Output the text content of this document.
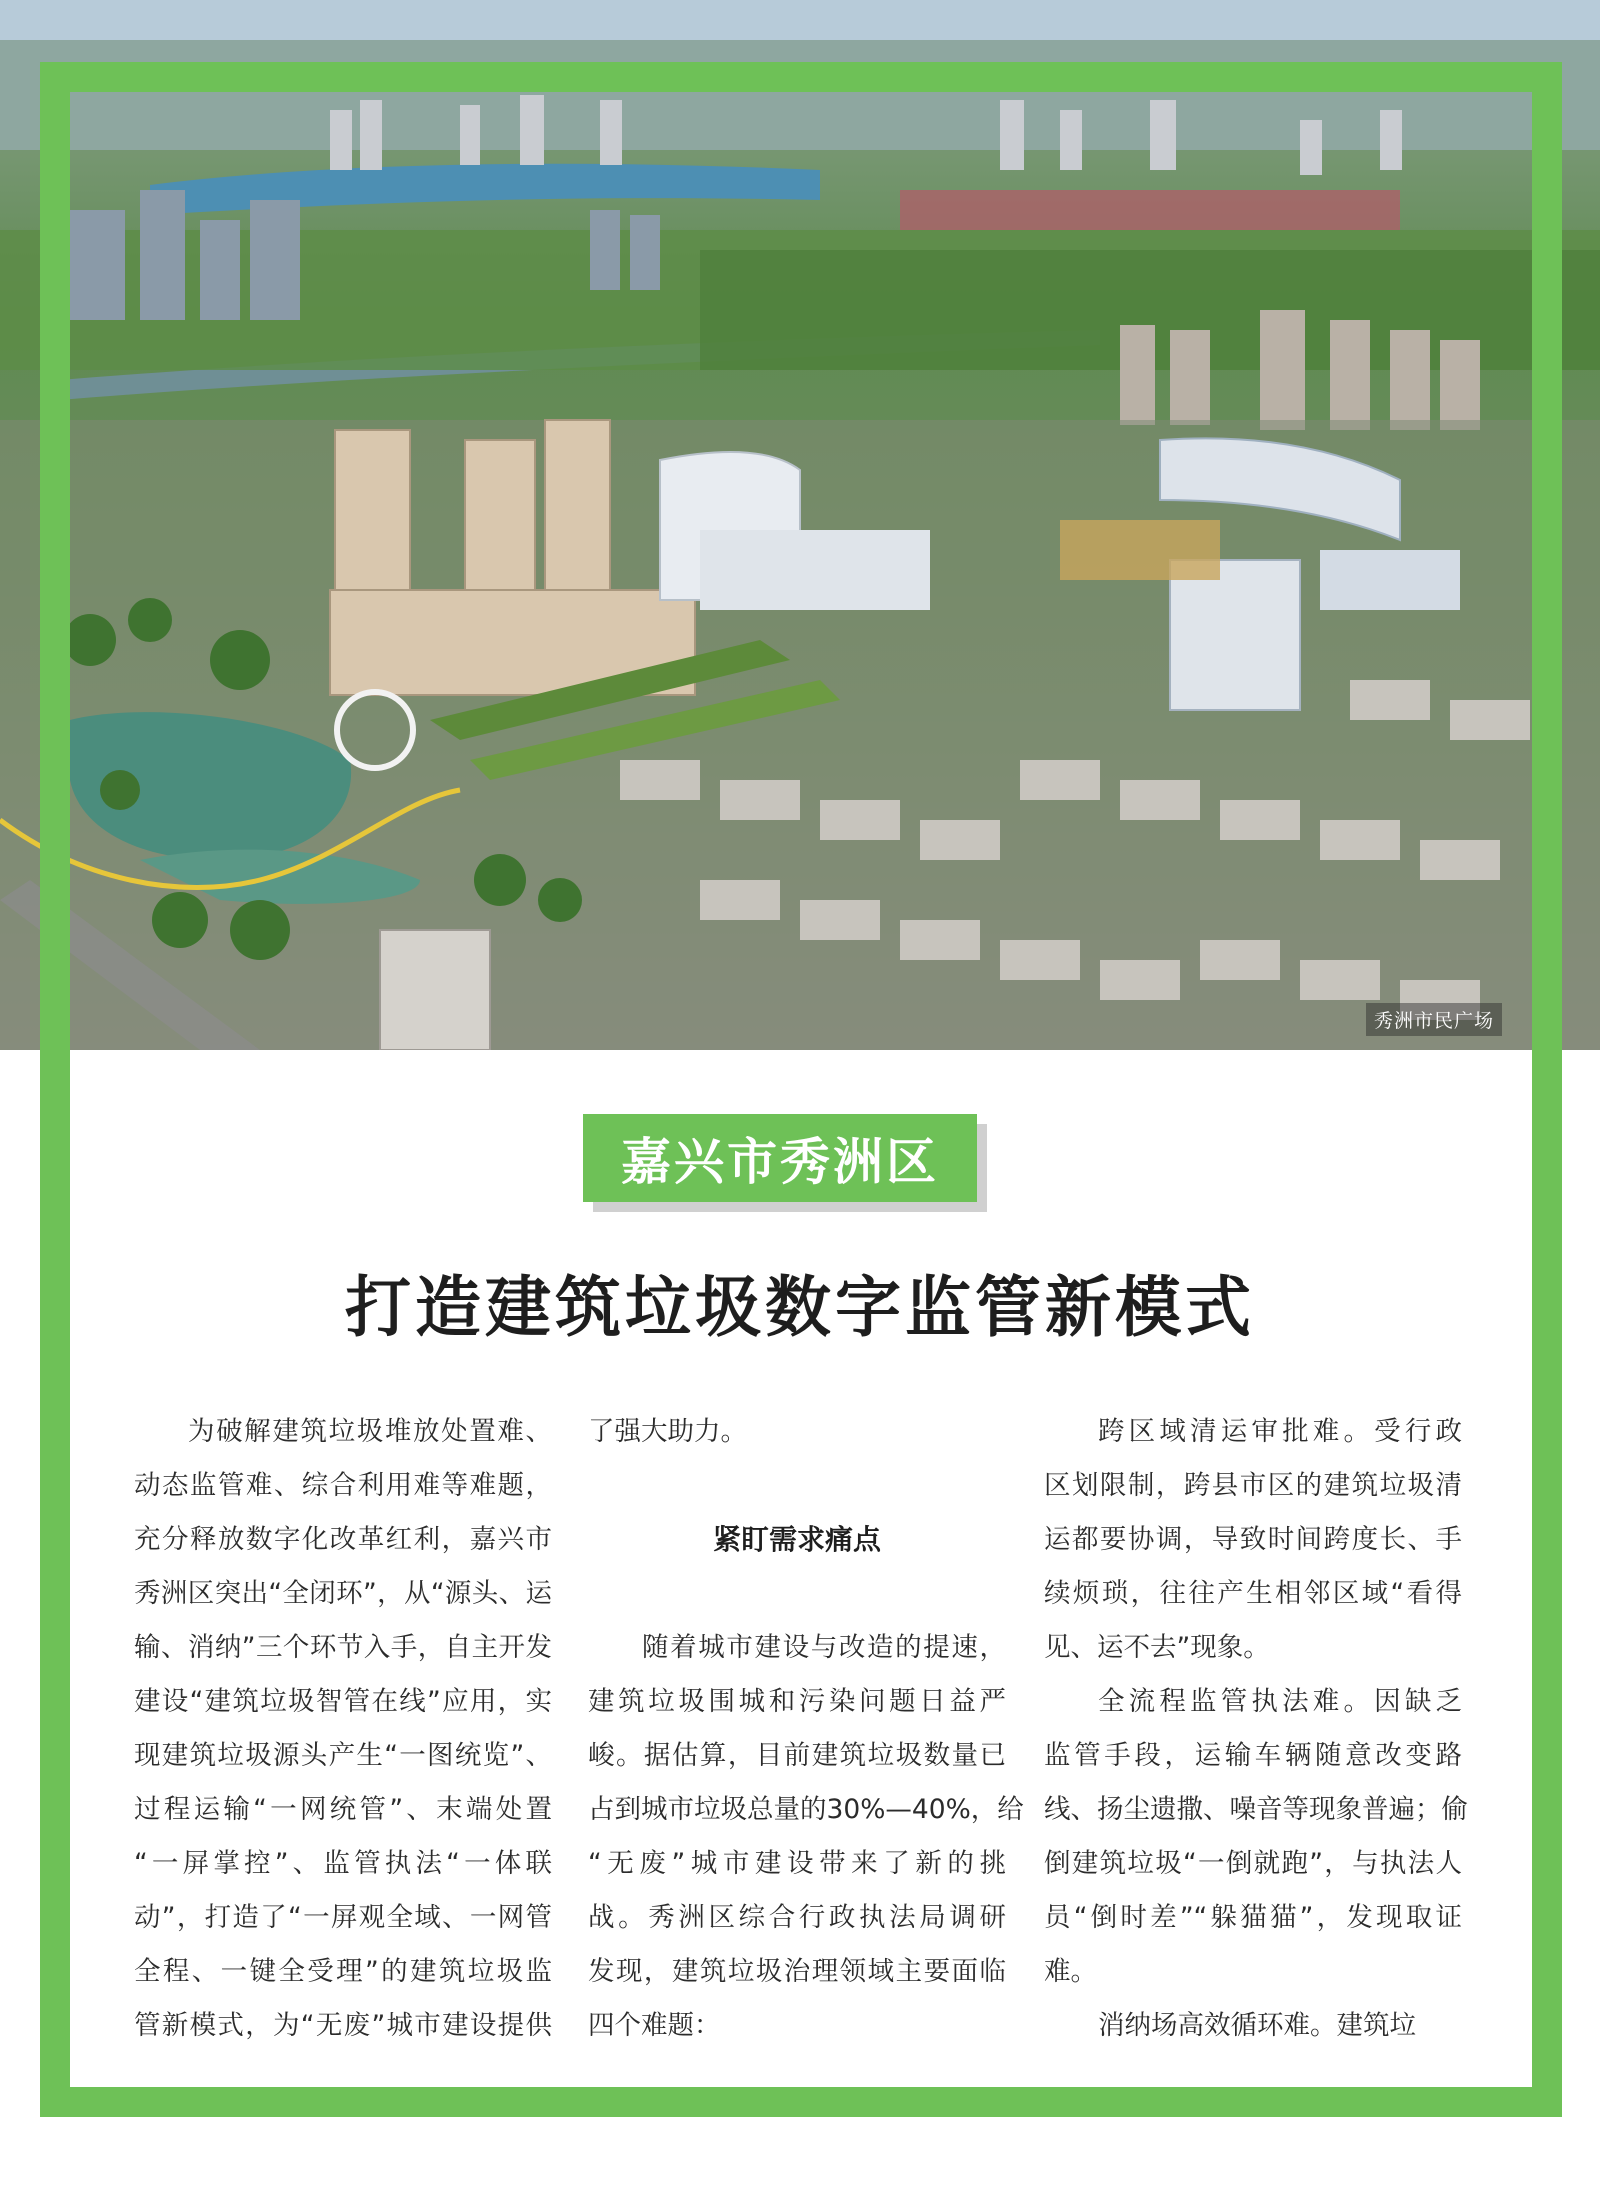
秀洲市民广场
嘉兴市秀洲区
打造建筑垃圾数字监管新模式
为破解建筑垃圾堆放处置难、
动态监管难、综合利用难等难题，
充分释放数字化改革红利，嘉兴市
秀洲区突出“全闭环”，从“源头、运
输、消纳”三个环节入手，自主开发
建设“建筑垃圾智管在线”应用，实
现建筑垃圾源头产生“一图统览”、
过程运输“一网统管”、末端处置
“一屏掌控”、监管执法“一体联
动”，打造了“一屏观全域、一网管
全程、一键全受理”的建筑垃圾监
管新模式，为“无废”城市建设提供
了强大助力。
紧盯需求痛点
随着城市建设与改造的提速，
建筑垃圾围城和污染问题日益严
峻。据估算，目前建筑垃圾数量已
占到城市垃圾总量的30%—40%，给
“无废”城市建设带来了新的挑
战。秀洲区综合行政执法局调研
发现，建筑垃圾治理领域主要面临
四个难题：
跨区域清运审批难。受行政
区划限制，跨县市区的建筑垃圾清
运都要协调，导致时间跨度长、手
续烦琐，往往产生相邻区域“看得
见、运不去”现象。
全流程监管执法难。因缺乏
监管手段，运输车辆随意改变路
线、扬尘遗撒、噪音等现象普遍；偷
倒建筑垃圾“一倒就跑”，与执法人
员“倒时差”“躲猫猫”，发现取证
难。
消纳场高效循环难。建筑垃
